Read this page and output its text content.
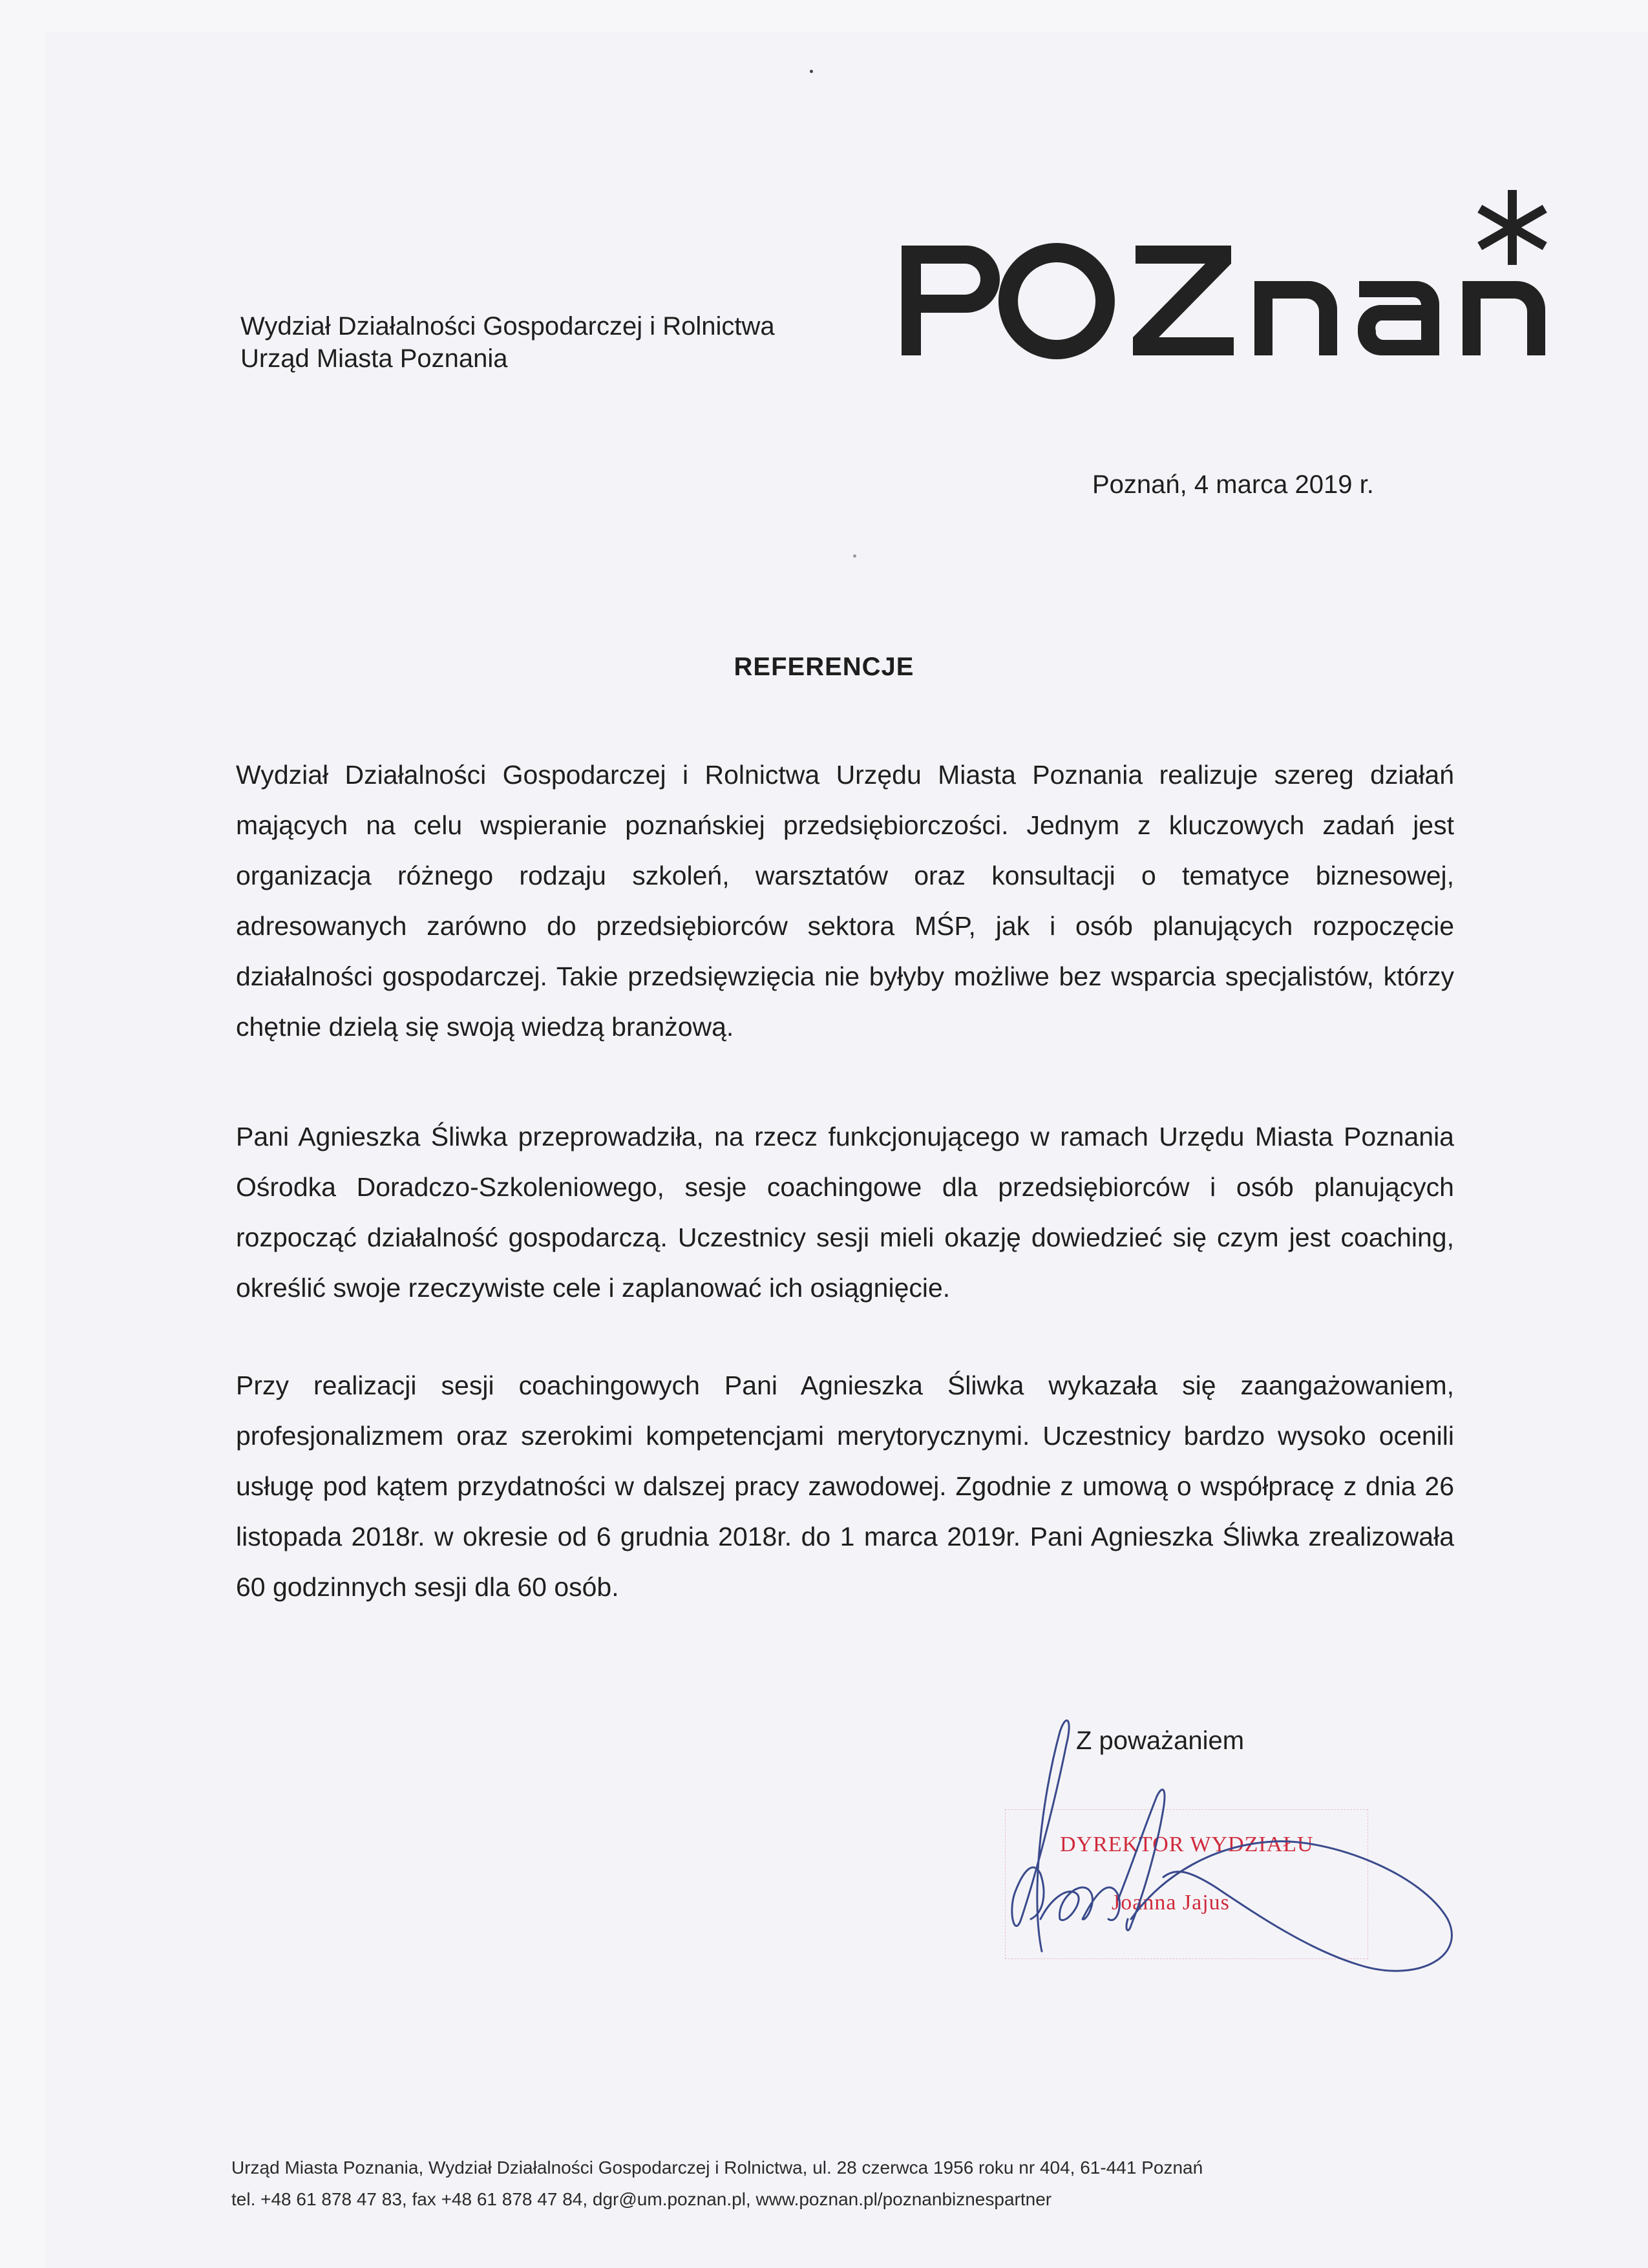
Wydział Działalności Gospodarczej i Rolnictwa
Urząd Miasta Poznania
Poznań, 4 marca 2019 r.
REFERENCJE

Wydział Działalności Gospodarczej i Rolnictwa Urzędu Miasta Poznania realizuje szereg działań mających na celu wspieranie poznańskiej przedsiębiorczości. Jednym z kluczowych zadań jest organizacja różnego rodzaju szkoleń, warsztatów oraz konsultacji o tematyce biznesowej, adresowanych zarówno do przedsiębiorców sektora MŚP, jak i osób planujących rozpoczęcie działalności gospodarczej. Takie przedsięwzięcia nie byłyby możliwe bez wsparcia specjalistów, którzy chętnie dzielą się swoją wiedzą branżową.

Pani Agnieszka Śliwka przeprowadziła, na rzecz funkcjonującego w ramach Urzędu Miasta Poznania Ośrodka Doradczo-Szkoleniowego, sesje coachingowe dla przedsiębiorców i osób planujących rozpocząć działalność gospodarczą. Uczestnicy sesji mieli okazję dowiedzieć się czym jest coaching, określić swoje rzeczywiste cele i zaplanować ich osiągnięcie.

Przy realizacji sesji coachingowych Pani Agnieszka Śliwka wykazała się zaangażowaniem, profesjonalizmem oraz szerokimi kompetencjami merytorycznymi. Uczestnicy bardzo wysoko ocenili usługę pod kątem przydatności w dalszej pracy zawodowej. Zgodnie z umową o współpracę z dnia 26 listopada 2018r. w okresie od 6 grudnia 2018r. do 1 marca 2019r. Pani Agnieszka Śliwka zrealizowała 60 godzinnych sesji dla 60 osób.

Z poważaniem
DYREKTOR WYDZIAŁU
Joanna Jajus
Urząd Miasta Poznania, Wydział Działalności Gospodarczej i Rolnictwa, ul. 28 czerwca 1956 roku nr 404, 61-441 Poznań
tel. +48 61 878 47 83, fax +48 61 878 47 84, dgr@um.poznan.pl, www.poznan.pl/poznanbiznespartner
